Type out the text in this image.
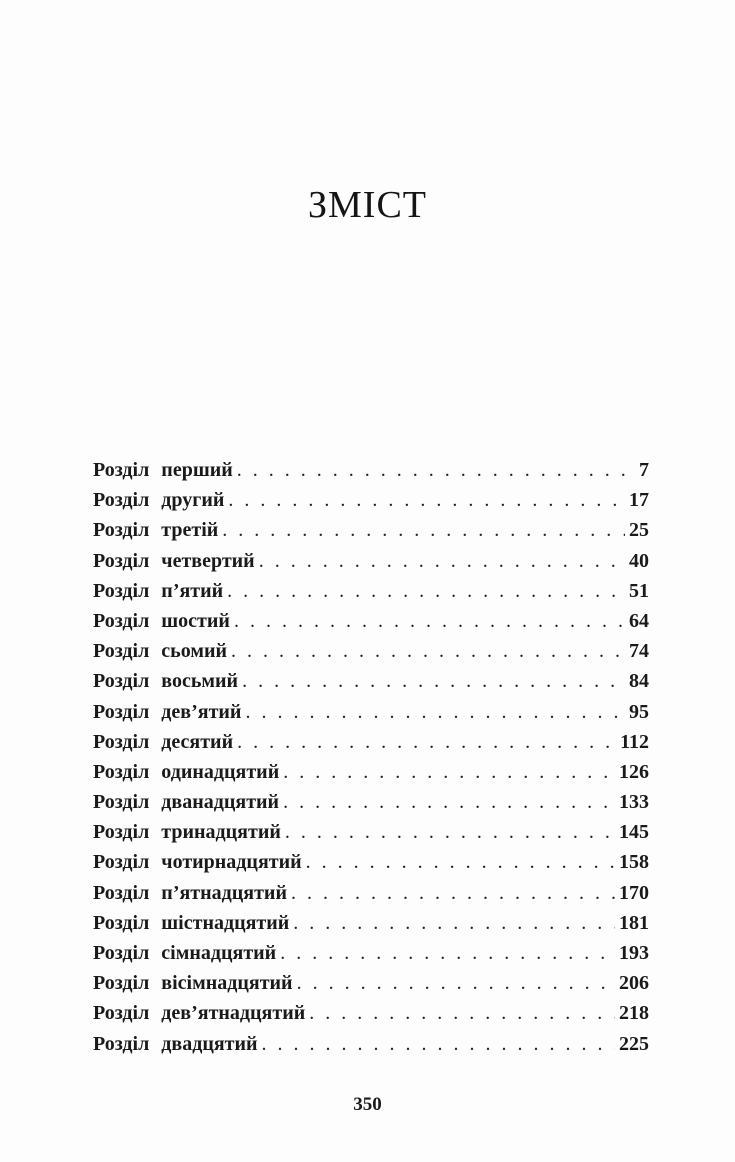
ЗМІСТ
Розділ перший . . .	7
Розділ другий . . .	17
Розділ третій . . .	25
Розділ четвертий . . .	40
Розділ п’ятий . . .	51
Розділ шостий . . .	64
Розділ сьомий . . .	74
Розділ восьмий . . .	84
Розділ дев’ятий . . .	95
Розділ десятий . . .	112
Розділ одинадцятий . . .	126
Розділ дванадцятий . . .	133
Розділ тринадцятий . . .	145
Розділ чотирнадцятий . . .	158
Розділ п’ятнадцятий . . .	170
Розділ шістнадцятий . . .	181
Розділ сімнадцятий . . .	193
Розділ вісімнадцятий . . .	206
Розділ дев’ятнадцятий . . .	218
Розділ двадцятий . . .	225
350
